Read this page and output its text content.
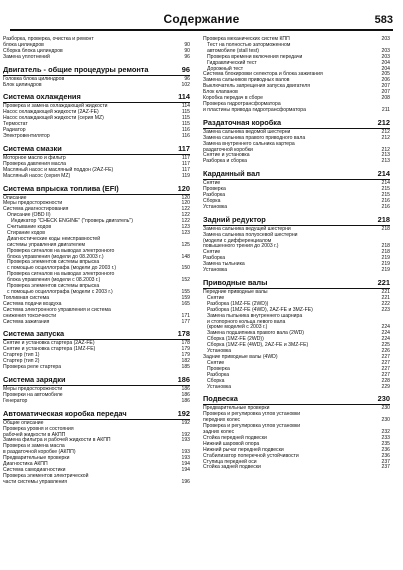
Содержание	583
Разборка, проверка, очистка и ремонт
блока цилиндров	90
Сборка блока цилиндров	90
Замена уплотнений	96
Двигатель - общие процедуры ремонта	96
Головка блока цилиндров	96
Блок цилиндров	102
Система охлаждения	114
Проверка и замена охлаждающей жидкости	114
Насос охлаждающей жидкости (2AZ-FE)	115
Насос охлаждающей жидкости (серия MZ)	115
Термостат	115
Радиатор	116
Электровентилятор	116
Система смазки	117
Моторное масло и фильтр	117
Проверка давления масла	117
Масляный насос и масляный поддон (2AZ-FE)	117
Масляный насос (серия MZ)	119
Система впрыска топлива (EFI)	120
Описание	120
Меры предосторожности	120
Система диагностирования	122
Описание (OBD II)	122
Индикатор "CHECK ENGINE" ("проверь двигатель")	122
Считывание кодов	123
Стирание кодов	123
Диагностические коды неисправностей
системы управления двигателем	125
Проверка сигналов на выводах электронного
блока управления (модели до 08.2003 г.)	148
Проверка элементов системы впрыска
с помощью осциллографа (модели до 2003 г.)	150
Проверка сигналов на выводах электронного
блока управления (модели с 08.2003 г.)	152
Проверка элементов системы впрыска
с помощью осциллографа (модели с 2003 г.)	155
Топливная система	159
Система подачи воздуха	165
Система электронного управления и система
снижения токсичности	171
Система зажигания	177
Система запуска	178
Снятие и установка стартера (2AZ-FE)	178
Снятие и установка стартера (1MZ-FE)	179
Стартер (тип 1)	179
Стартер (тип 2)	182
Проверка реле стартера	185
Система зарядки	186
Меры предосторожности	186
Проверки на автомобиле	186
Генератор	186
Автоматическая коробка передач	192
Общие описание	192
Проверка уровня и состояния
рабочей жидкости в АКПП	192
Замена фильтра и рабочей жидкости в АКПП	193
Проверка и замена масла
в раздаточной коробке (АКПП)	193
Предварительные проверки	193
Диагностика АКПП	194
Система самодиагностики	194
Проверка элементов электрической
части системы управления	196
Проверка механических систем КПП	203
Тест на полностью заторможенном
автомобиле (stall test)	203
Проверка времени включения передачи	203
Гидравлический тест	204
Дорожный тест	204
Система блокировки селектора и блока зажигания	205
Замена сальников приводных валов	206
Выключатель запрещения запуска двигателя	207
Блок клапанов	207
Коробка передач в сборе	208
Проверка гидротрансформатора
и пластины привода гидротрансформатора	211
Раздаточная коробка	212
Замена сальника ведомой шестерни	212
Замена сальника правого приводного вала	212
Замена внутреннего сальника картера
раздаточной коробки	212
Снятие и установка	213
Разборка и сборка	213
Карданный вал	214
Снятие	214
Проверка	215
Разборка	215
Сборка	216
Установка	216
Задний редуктор	218
Замена сальника ведущей шестерни	218
Замена сальника полуосевой шестерни
(модели с дифференциалом
повышенного трения до 2003 г.)	218
Снятие	218
Разборка	219
Замена тыльника	219
Установка	219
Приводные валы	221
Передние приводные валы	221
Снятие	221
Разборка (1MZ-FE (2WD))	222
Разборка (1MZ-FE (4WD), 2AZ-FE и 3MZ-FE)	223
Замена пыльника внутреннего шарнира
и стопорного кольца левого вала
(кроме моделей с 2003 г.)	224
Замена подшипника правого вала (2WD)	224
Сборка (1MZ-FE (2WD))	224
Сборка (1MZ-FE (4WD), 2AZ-FE и 3MZ-FE)	225
Установка	226
Задние приводные валы (4WD)	227
Снятие	227
Проверка	227
Разборка	227
Сборка	228
Установка	229
Подвеска	230
Предварительные проверки	230
Проверка и регулировка углов установки
передних колес	230
Проверка и регулировка углов установки
задних колес	232
Стойка передней подвески	233
Нижний шаровой опора	235
Нижний рычаг передней подвески	236
Стабилизатор поперечной устойчивости	236
Ступица передней оси	237
Стойка задней подвески	237
